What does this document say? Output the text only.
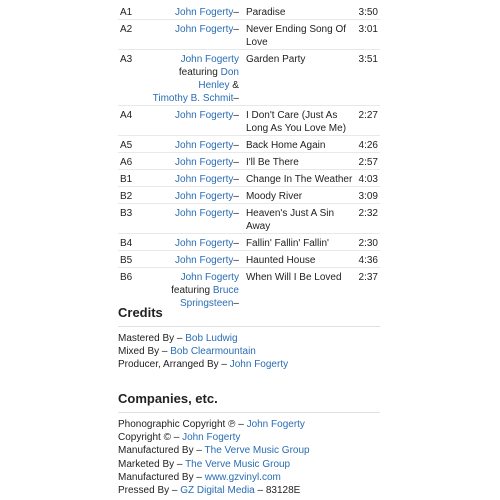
A1	John Fogerty–	Paradise	3:50
A2	John Fogerty–	Never Ending Song Of Love	3:01
A3	John Fogerty
featuring Don Henley &
Timothy B. Schmit–	Garden Party	3:51
A4	John Fogerty–	I Don't Care (Just As Long As You Love Me)	2:27
A5	John Fogerty–	Back Home Again	4:26
A6	John Fogerty–	I'll Be There	2:57
B1	John Fogerty–	Change In The Weather	4:03
B2	John Fogerty–	Moody River	3:09
B3	John Fogerty–	Heaven's Just A Sin Away	2:32
B4	John Fogerty–	Fallin' Fallin' Fallin'	2:30
B5	John Fogerty–	Haunted House	4:36
B6	John Fogerty
featuring Bruce Springsteen–	When Will I Be Loved	2:37
Credits
Mastered By – Bob Ludwig
Mixed By – Bob Clearmountain
Producer, Arranged By – John Fogerty
Companies, etc.
Phonographic Copyright ℗ – John Fogerty
Copyright © – John Fogerty
Manufactured By – The Verve Music Group
Marketed By – The Verve Music Group
Manufactured By – www.gzvinyl.com
Pressed By – GZ Digital Media – 83128E
